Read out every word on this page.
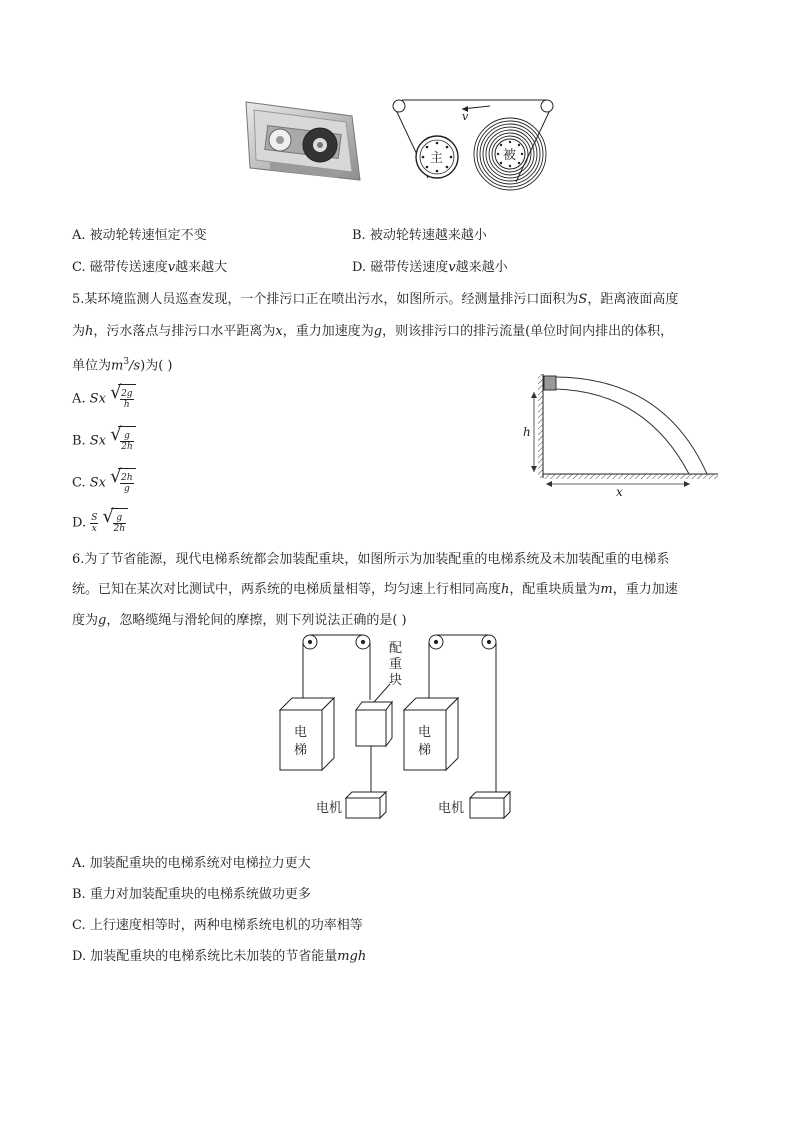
v
主	被
A. 被动轮转速恒定不变	B. 被动轮转速越来越小
C. 磁带传送速度v越来越大	D. 磁带传送速度v越来越小
5.某环境监测人员巡查发现，一个排污口正在喷出污水，如图所示。经测量排污口面积为S，距离液面高度
为h，污水落点与排污口水平距离为x，重力加速度为g，则该排污口的排污流量(单位时间内排出的体积，
单位为$m^3/s$)为( )
A. Sx √
$\frac{2g}{h}$
B. Sx √
$\frac{g}{2h}$
C. Sx √
$\frac{2h}{g}$
D. $\frac{S}{x}$
√
$\frac{g}{2h}$
h
x
6.为了节省能源，现代电梯系统都会加装配重块，如图所示为加装配重的电梯系统及未加装配重的电梯系
统。已知在某次对比测试中，两系统的电梯质量相等，均匀速上行相同高度h，配重块质量为m，重力加速
度为g，忽略缆绳与滑轮间的摩擦，则下列说法正确的是( )
配
重
块
电
梯
电
梯
电机	电机
A. 加装配重块的电梯系统对电梯拉力更大
B. 重力对加装配重块的电梯系统做功更多
C. 上行速度相等时，两种电梯系统电机的功率相等
D. 加装配重块的电梯系统比未加装的节省能量mgh
